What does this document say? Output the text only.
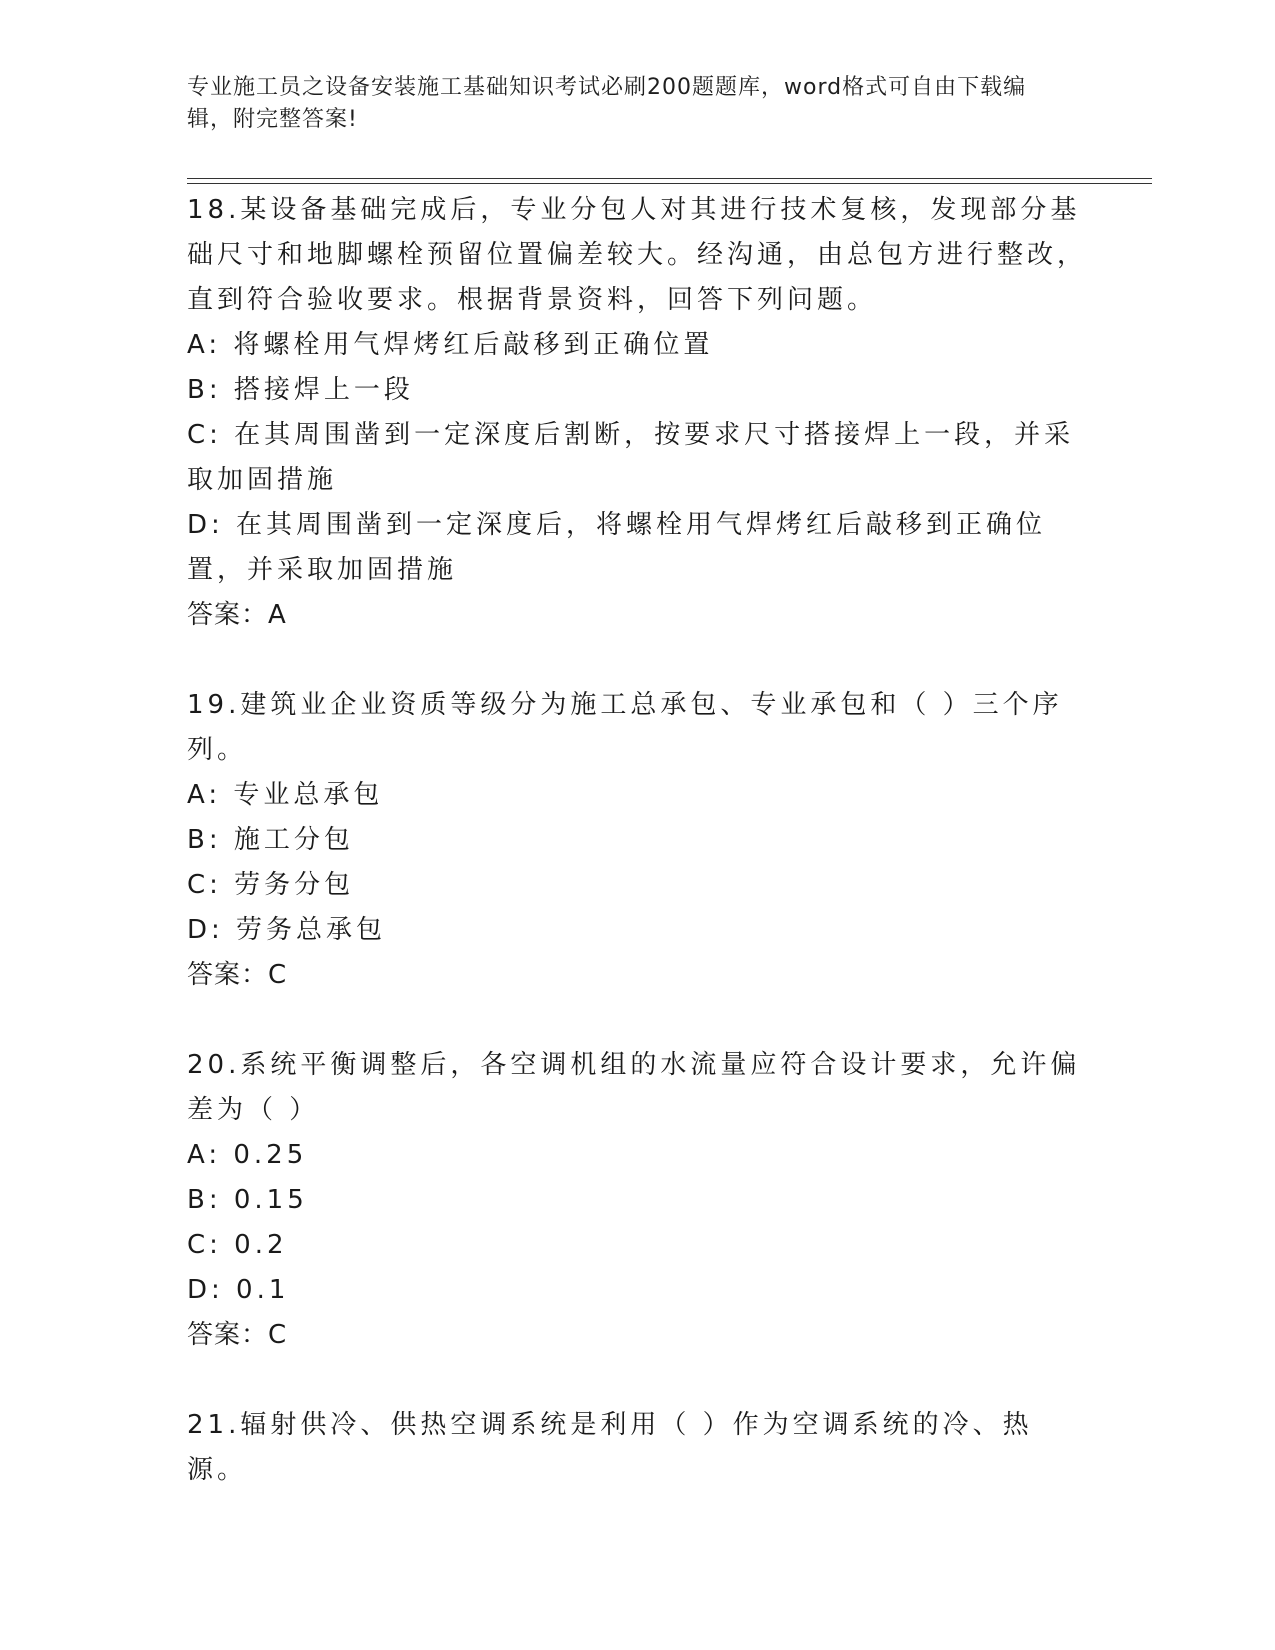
专业施工员之设备安装施工基础知识考试必刷200题题库，word格式可自由下载编辑，附完整答案!

18.某设备基础完成后，专业分包人对其进行技术复核，发现部分基础尺寸和地脚螺栓预留位置偏差较大。经沟通，由总包方进行整改，直到符合验收要求。根据背景资料，回答下列问题。

A: 将螺栓用气焊烤红后敲移到正确位置

B: 搭接焊上一段

C: 在其周围凿到一定深度后割断，按要求尺寸搭接焊上一段，并采取加固措施

D: 在其周围凿到一定深度后，将螺栓用气焊烤红后敲移到正确位置，并采取加固措施

答案：A

19.建筑业企业资质等级分为施工总承包、专业承包和（ ）三个序列。

A: 专业总承包

B: 施工分包

C: 劳务分包

D: 劳务总承包

答案：C

20.系统平衡调整后，各空调机组的水流量应符合设计要求，允许偏差为（ ）

A: 0.25

B: 0.15

C: 0.2

D: 0.1

答案：C

21.辐射供冷、供热空调系统是利用（ ）作为空调系统的冷、热源。
